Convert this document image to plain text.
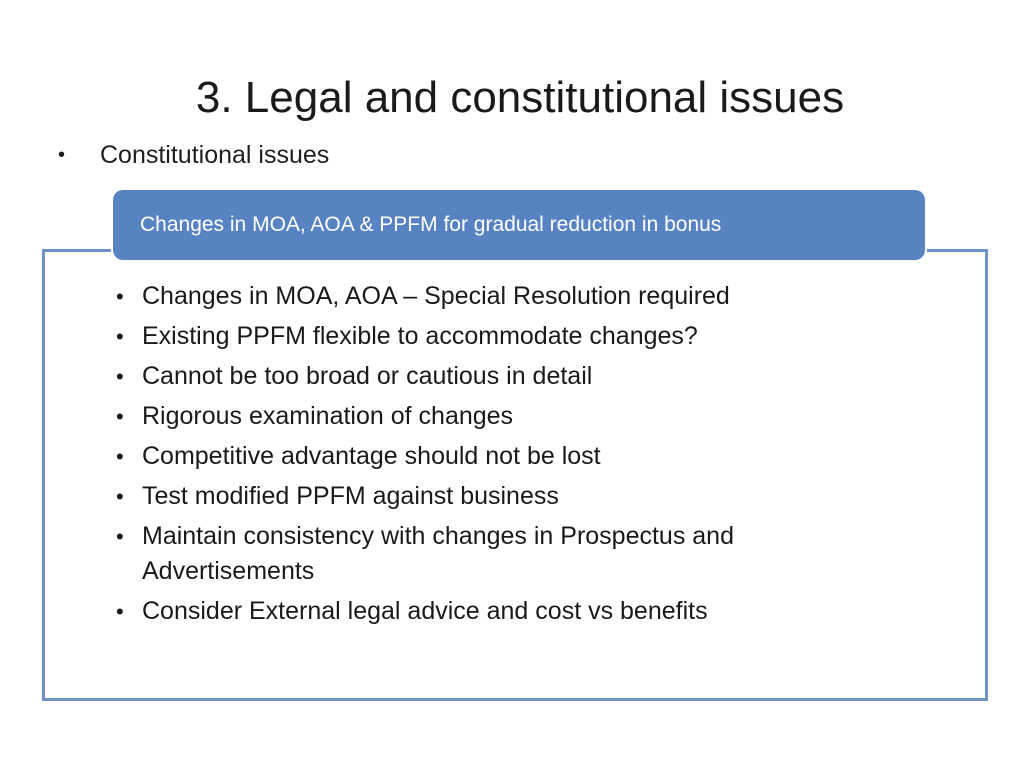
3. Legal and constitutional issues
•	Constitutional issues
Changes in MOA, AOA & PPFM for gradual reduction in bonus
• Changes in MOA, AOA – Special Resolution required
• Existing PPFM flexible to accommodate changes?
• Cannot be too broad or cautious in detail
• Rigorous examination of changes
• Competitive advantage should not be lost
• Test modified PPFM against business
• Maintain consistency with changes in Prospectus and Advertisements
• Consider External legal advice and cost vs benefits
